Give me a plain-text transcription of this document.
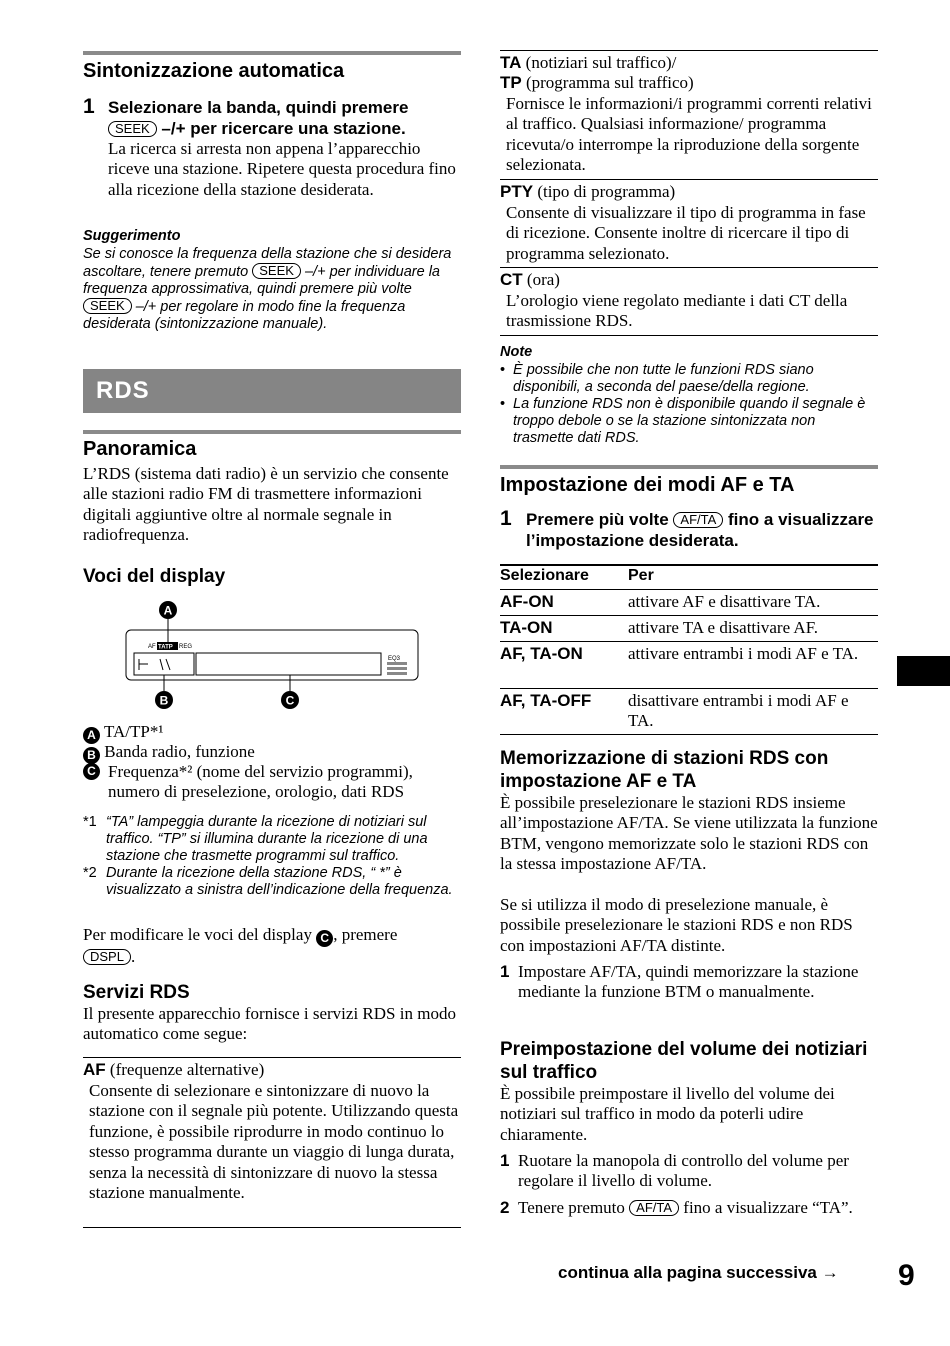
Sintonizzazione automatica
1 Selezionare la banda, quindi premere
SEEK –/+ per ricercare una stazione.
La ricerca si arresta non appena l’apparecchio riceve una stazione. Ripetere questa procedura fino alla ricezione della stazione desiderata.
Suggerimento
Se si conosce la frequenza della stazione che si desidera ascoltare, tenere premuto SEEK –/+ per individuare la frequenza approssimativa, quindi premere più volte SEEK –/+ per regolare in modo fine la frequenza desiderata (sintonizzazione manuale).
RDS
Panoramica
L’RDS (sistema dati radio) è un servizio che consente alle stazioni radio FM di trasmettere informazioni digitali aggiuntive oltre al normale segnale in radiofrequenza.
Voci del display
A
AF TATP REG
EQ3
B	C
A TA/TP*¹
B Banda radio, funzione
C Frequenza*² (nome del servizio programmi), numero di preselezione, orologio, dati RDS
*1 “TA” lampeggia durante la ricezione di notiziari sul traffico. “TP” si illumina durante la ricezione di una stazione che trasmette programmi sul traffico.
*2 Durante la ricezione della stazione RDS, “ *” è visualizzato a sinistra dell’indicazione della frequenza.
Per modificare le voci del display C , premere
DSPL .
Servizi RDS
Il presente apparecchio fornisce i servizi RDS in modo automatico come segue:
AF (frequenze alternative)
Consente di selezionare e sintonizzare di nuovo la stazione con il segnale più potente. Utilizzando questa funzione, è possibile riprodurre in modo continuo lo stesso programma durante un viaggio di lunga durata, senza la necessità di sintonizzare di nuovo la stessa stazione manualmente.
TA (notiziari sul traffico)/
TP (programma sul traffico)
Fornisce le informazioni/i programmi correnti relativi al traffico. Qualsiasi informazione/ programma ricevuta/o interrompe la riproduzione della sorgente selezionata.
PTY (tipo di programma)
Consente di visualizzare il tipo di programma in fase di ricezione. Consente inoltre di ricercare il tipo di programma selezionato.
CT (ora)
L’orologio viene regolato mediante i dati CT della trasmissione RDS.
Note
• È possibile che non tutte le funzioni RDS siano disponibili, a seconda del paese/della regione.
• La funzione RDS non è disponibile quando il segnale è troppo debole o se la stazione sintonizzata non trasmette dati RDS.
Impostazione dei modi AF e TA
1 Premere più volte AF/TA fino a visualizzare l’impostazione desiderata.
Selezionare Per
AF-ON	attivare AF e disattivare TA.
TA-ON	attivare TA e disattivare AF.
AF, TA-ON	attivare entrambi i modi AF e TA.
AF, TA-OFF disattivare entrambi i modi AF e TA.
Memorizzazione di stazioni RDS con impostazione AF e TA
È possibile preselezionare le stazioni RDS insieme all’impostazione AF/TA. Se viene utilizzata la funzione BTM, vengono memorizzate solo le stazioni RDS con la stessa impostazione AF/TA.
Se si utilizza il modo di preselezione manuale, è possibile preselezionare le stazioni RDS e non RDS con impostazioni AF/TA distinte.
1 Impostare AF/TA, quindi memorizzare la stazione mediante la funzione BTM o manualmente.
Preimpostazione del volume dei notiziari sul traffico
È possibile preimpostare il livello del volume dei notiziari sul traffico in modo da poterli udire chiaramente.
1 Ruotare la manopola di controllo del volume per regolare il livello di volume.
2 Tenere premuto AF/TA fino a visualizzare “TA”.
continua alla pagina successiva → 9
